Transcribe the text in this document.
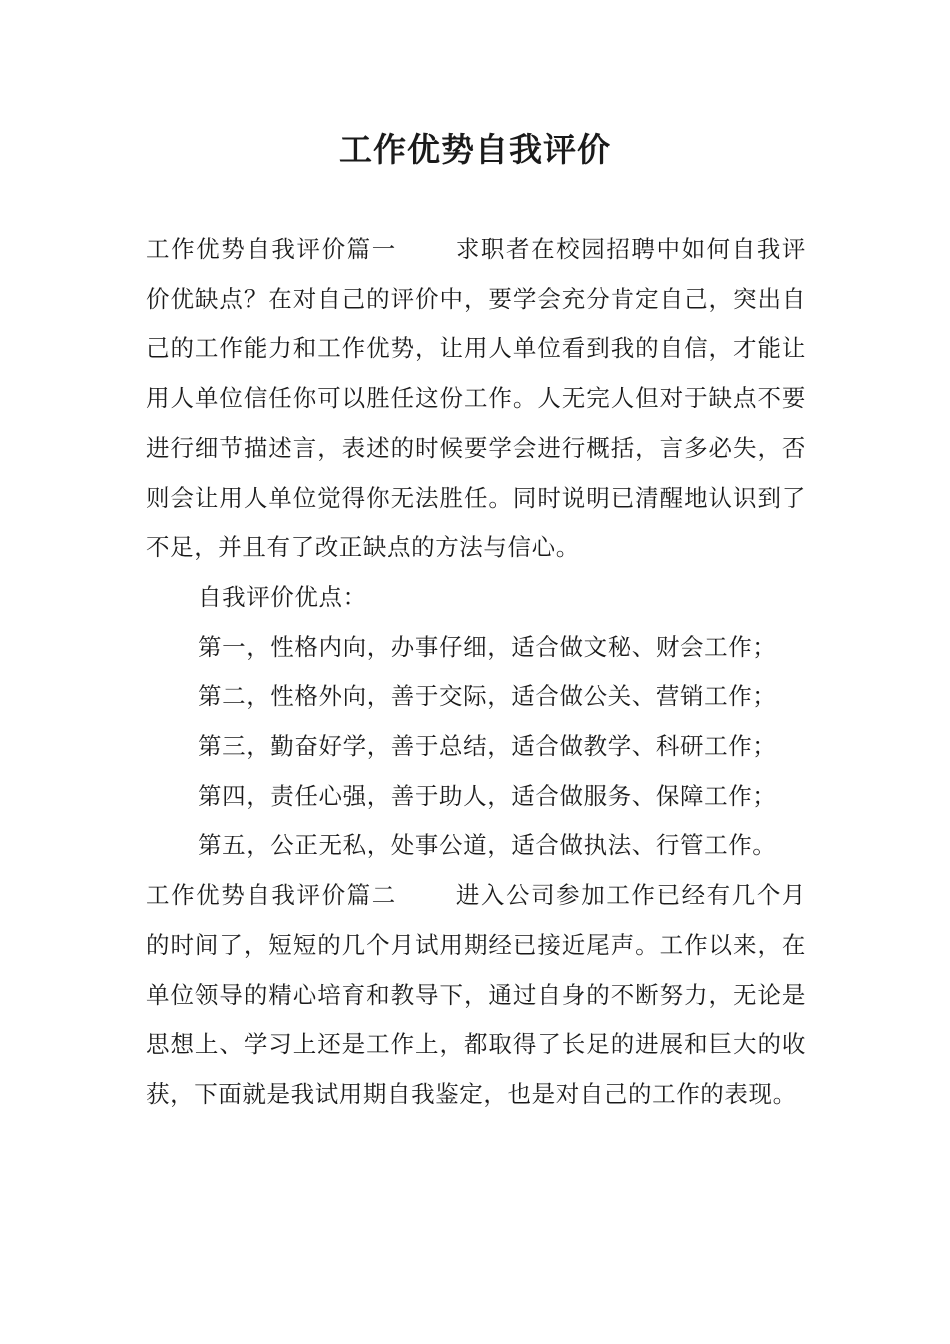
工作优势自我评价

工作优势自我评价篇一 求职者在校园招聘中如何自我评价优缺点？在对自己的评价中，要学会充分肯定自己，突出自己的工作能力和工作优势，让用人单位看到我的自信，才能让用人单位信任你可以胜任这份工作。人无完人但对于缺点不要进行细节描述言，表述的时候要学会进行概括，言多必失，否则会让用人单位觉得你无法胜任。同时说明已清醒地认识到了不足，并且有了改正缺点的方法与信心。

自我评价优点：

第一，性格内向，办事仔细，适合做文秘、财会工作；

第二，性格外向，善于交际，适合做公关、营销工作；

第三，勤奋好学，善于总结，适合做教学、科研工作；

第四，责任心强，善于助人，适合做服务、保障工作；

第五，公正无私，处事公道，适合做执法、行管工作。

工作优势自我评价篇二 进入公司参加工作已经有几个月的时间了，短短的几个月试用期经已接近尾声。工作以来，在单位领导的精心培育和教导下，通过自身的不断努力，无论是思想上、学习上还是工作上，都取得了长足的进展和巨大的收获，下面就是我试用期自我鉴定，也是对自己的工作的表现。
